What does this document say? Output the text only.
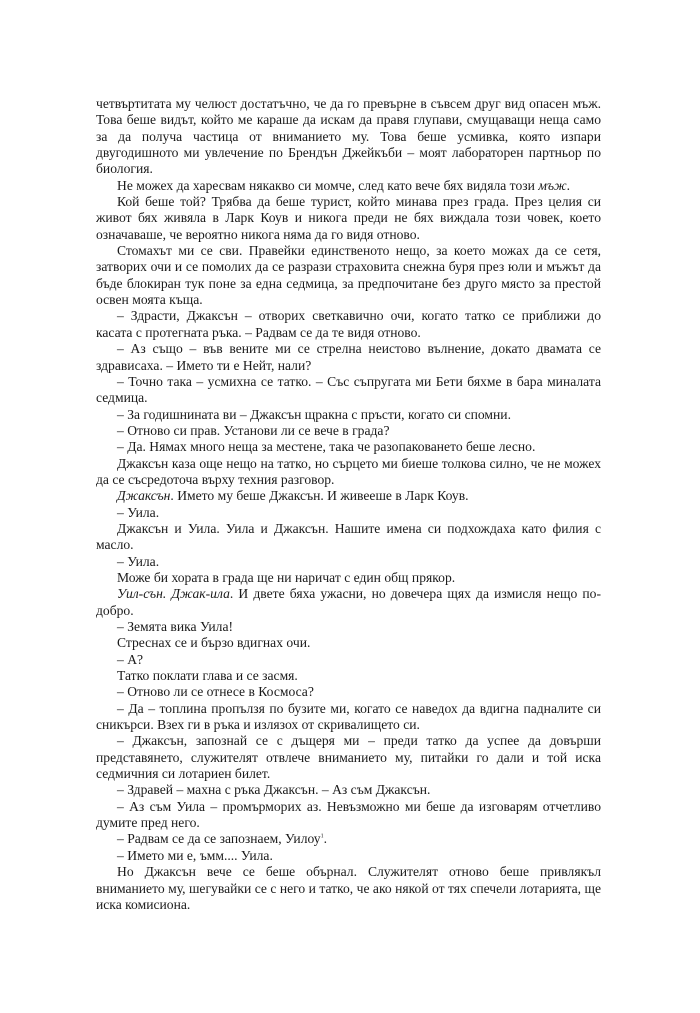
четвъртитата му челюст достатъчно, че да го превърне в съвсем друг вид опасен мъж. Това беше видът, който ме караше да искам да правя глупави, смущаващи неща само за да получа частица от вниманието му. Това беше усмивка, която изпари двугодишното ми увлечение по Брендън Джейкъби – моят лабораторен партньор по биология.

Не можех да харесвам някакво си момче, след като вече бях видяла този мъж.

Кой беше той? Трябва да беше турист, който минава през града. През целия си живот бях живяла в Ларк Коув и никога преди не бях виждала този човек, което означаваше, че вероятно никога няма да го видя отново.

Стомахът ми се сви. Правейки единственото нещо, за което можах да се сетя, затворих очи и се помолих да се разрази страховита снежна буря през юли и мъжът да бъде блокиран тук поне за една седмица, за предпочитане без друго място за престой освен моята къща.

– Здрасти, Джаксън – отворих светкавично очи, когато татко се приближи до касата с протегната ръка. – Радвам се да те видя отново.

– Аз също – във вените ми се стрелна неистово вълнение, докато двамата се здрависаха. – Името ти е Нейт, нали?

– Точно така – усмихна се татко. – Със съпругата ми Бети бяхме в бара миналата седмица.

– За годишнината ви – Джаксън щракна с пръсти, когато си спомни.

– Отново си прав. Установи ли се вече в града?

– Да. Нямах много неща за местене, така че разопаковането беше лесно.

Джаксън каза още нещо на татко, но сърцето ми биеше толкова силно, че не можех да се съсредоточа върху техния разговор.

Джаксън. Името му беше Джаксън. И живееше в Ларк Коув.

– Уила.

Джаксън и Уила. Уила и Джаксън. Нашите имена си подхождаха като филия с масло.

– Уила.

Може би хората в града ще ни наричат с един общ прякор.

Уил-сън. Джак-ила. И двете бяха ужасни, но довечера щях да измисля нещо по-добро.

– Земята вика Уила!

Стреснах се и бързо вдигнах очи.

– А?

Татко поклати глава и се засмя.

– Отново ли се отнесе в Космоса?

– Да – топлина пропълзя по бузите ми, когато се наведох да вдигна падналите си сникърси. Взех ги в ръка и излязох от скривалището си.

– Джаксън, запознай се с дъщеря ми – преди татко да успее да довърши представянето, служителят отвлече вниманието му, питайки го дали и той иска седмичния си лотариен билет.

– Здравей – махна с ръка Джаксън. – Аз съм Джаксън.

– Аз съм Уила – промърморих аз. Невъзможно ми беше да изговарям отчетливо думите пред него.

– Радвам се да се запознаем, Уилоу$^1$.

– Името ми е, ъмм.... Уила.

Но Джаксън вече се беше обърнал. Служителят отново беше привлякъл вниманието му, шегувайки се с него и татко, че ако някой от тях спечели лотарията, ще иска комисиона.
